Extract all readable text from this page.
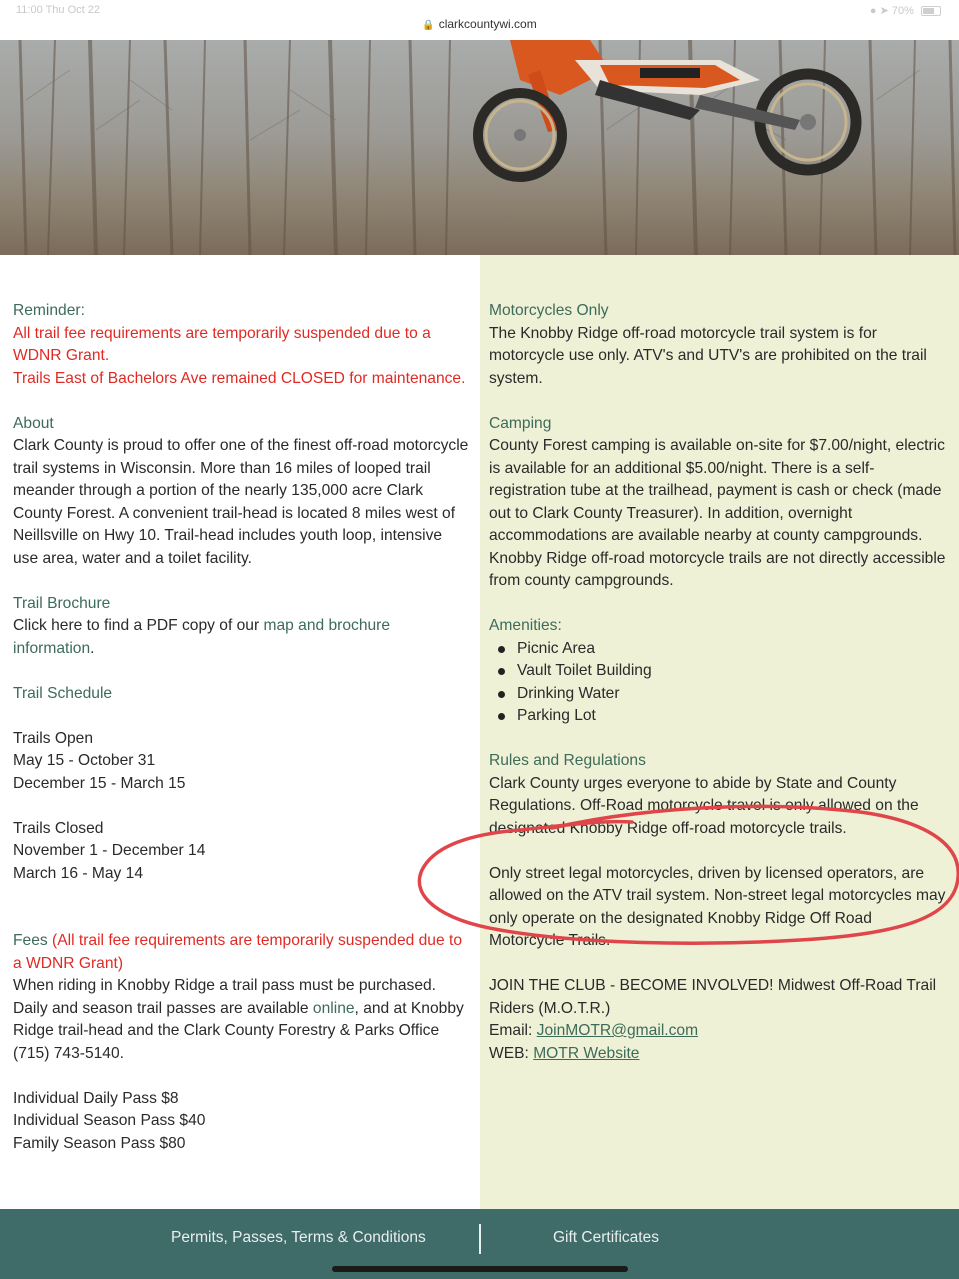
11:00 Thu Oct 22
🔒 clarkcountywi.com
● ➤ 70%

Reminder:

All trail fee requirements are temporarily suspended due to a WDNR Grant.

Trails East of Bachelors Ave remained CLOSED for maintenance.

About

Clark County is proud to offer one of the finest off-road motorcycle trail systems in Wisconsin. More than 16 miles of looped trail meander through a portion of the nearly 135,000 acre Clark County Forest. A convenient trail-head is located 8 miles west of Neillsville on Hwy 10. Trail-head includes youth loop, intensive use area, water and a toilet facility.

Trail Brochure

Click here to find a PDF copy of our map and brochure information.

Trail Schedule

Trails Open

May 15 - October 31

December 15 - March 15

Trails Closed

November 1 - December 14

March 16 - May 14

Fees (All trail fee requirements are temporarily suspended due to a WDNR Grant)

When riding in Knobby Ridge a trail pass must be purchased. Daily and season trail passes are available online, and at Knobby Ridge trail-head and the Clark County Forestry & Parks Office (715) 743-5140.

Individual Daily Pass $8

Individual Season Pass $40

Family Season Pass $80

Motorcycles Only

The Knobby Ridge off-road motorcycle trail system is for motorcycle use only. ATV's and UTV's are prohibited on the trail system.

Camping

County Forest camping is available on-site for $7.00/night, electric is available for an additional $5.00/night. There is a self-registration tube at the trailhead, payment is cash or check (made out to Clark County Treasurer). In addition, overnight accommodations are available nearby at county campgrounds. Knobby Ridge off-road motorcycle trails are not directly accessible from county campgrounds.

Amenities:

Picnic Area
Vault Toilet Building
Drinking Water
Parking Lot

Rules and Regulations

Clark County urges everyone to abide by State and County Regulations. Off-Road motorcycle travel is only allowed on the designated Knobby Ridge off-road motorcycle trails.

Only street legal motorcycles, driven by licensed operators, are allowed on the ATV trail system. Non-street legal motorcycles may only operate on the designated Knobby Ridge Off Road Motorcycle Trails.

JOIN THE CLUB - BECOME INVOLVED! Midwest Off-Road Trail Riders (M.O.T.R.)

Email: JoinMOTR@gmail.com

WEB: MOTR Website

Permits, Passes, Terms & Conditions	Gift Certificates
